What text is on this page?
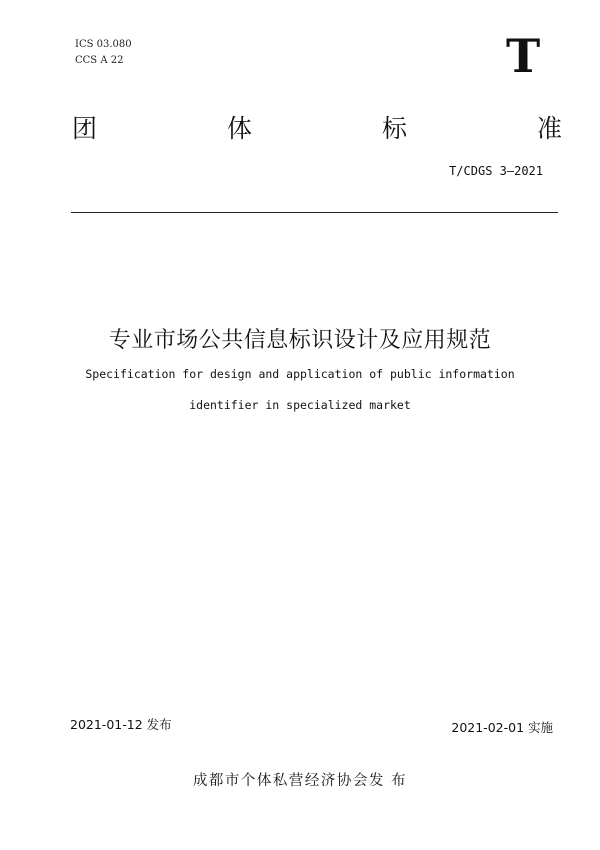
ICS 03.080
CCS A 22	T
团	体	标	准
T/CDGS 3—2021
专业市场公共信息标识设计及应用规范
Specification for design and application of public information
identifier in specialized market
2021-01-12 发布	2021-02-01 实施
成都市个体私营经济协会发 布
